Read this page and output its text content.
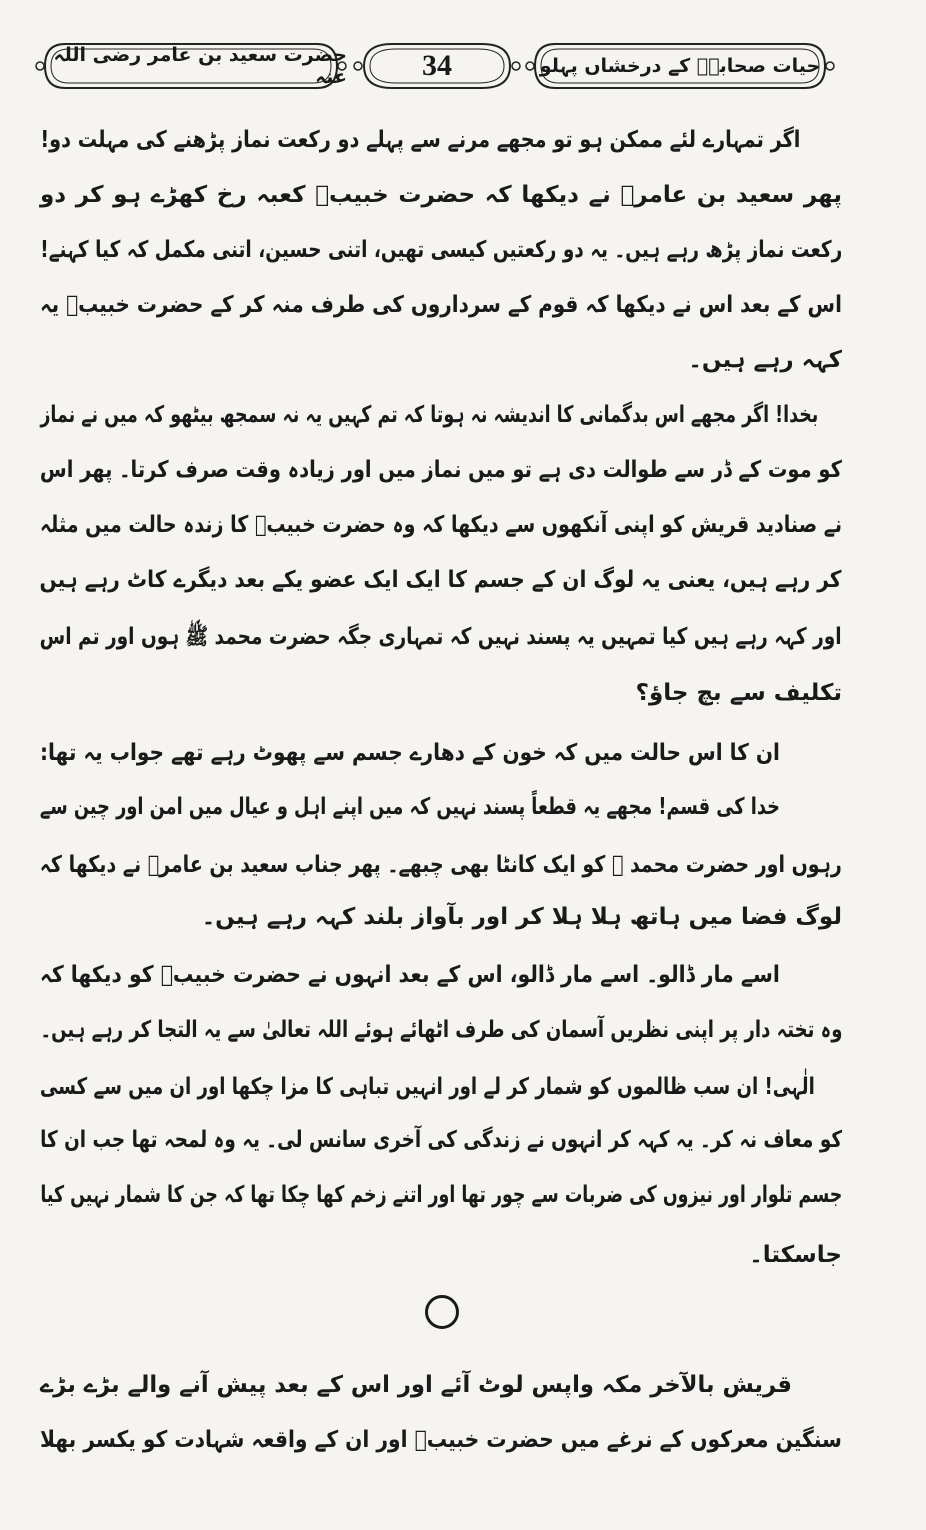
حیات صحابہؓ کے درخشاں پہلو
34
حضرت سعید بن عامر رضی اللہ عنہ
اگر تمہارے لئے ممکن ہو تو مجھے مرنے سے پہلے دو رکعت نماز پڑھنے کی مہلت دو!
پھر سعید بن عامرؓ نے دیکھا کہ حضرت خبیبؓ کعبہ رخ کھڑے ہو کر دو
رکعت نماز پڑھ رہے ہیں۔ یہ دو رکعتیں کیسی تھیں، اتنی حسین، اتنی مکمل کہ کیا کہنے!
اس کے بعد اس نے دیکھا کہ قوم کے سرداروں کی طرف منہ کر کے حضرت خبیبؓ یہ
کہہ رہے ہیں۔
بخدا! اگر مجھے اس بدگمانی کا اندیشہ نہ ہوتا کہ تم کہیں یہ نہ سمجھ بیٹھو کہ میں نے نماز
کو موت کے ڈر سے طوالت دی ہے تو میں نماز میں اور زیادہ وقت صرف کرتا۔ پھر اس
نے صنادید قریش کو اپنی آنکھوں سے دیکھا کہ وہ حضرت خبیبؓ کا زندہ حالت میں مثلہ
کر رہے ہیں، یعنی یہ لوگ ان کے جسم کا ایک ایک عضو یکے بعد دیگرے کاٹ رہے ہیں
اور کہہ رہے ہیں کیا تمہیں یہ پسند نہیں کہ تمہاری جگہ حضرت محمد ﷺ ہوں اور تم اس
تکلیف سے بچ جاؤ؟
ان کا اس حالت میں کہ خون کے دھارے جسم سے پھوٹ رہے تھے جواب یہ تھا:
خدا کی قسم! مجھے یہ قطعاً پسند نہیں کہ میں اپنے اہل و عیال میں امن اور چین سے
رہوں اور حضرت محمد ﷺ کو ایک کانٹا بھی چبھے۔ پھر جناب سعید بن عامرؓ نے دیکھا کہ
لوگ فضا میں ہاتھ ہلا ہلا کر اور بآواز بلند کہہ رہے ہیں۔
اسے مار ڈالو۔ اسے مار ڈالو، اس کے بعد انہوں نے حضرت خبیبؓ کو دیکھا کہ
وہ تختہ دار پر اپنی نظریں آسمان کی طرف اٹھائے ہوئے اللہ تعالیٰ سے یہ التجا کر رہے ہیں۔
الٰہی! ان سب ظالموں کو شمار کر لے اور انہیں تباہی کا مزا چکھا اور ان میں سے کسی
کو معاف نہ کر۔ یہ کہہ کر انہوں نے زندگی کی آخری سانس لی۔ یہ وہ لمحہ تھا جب ان کا
جسم تلوار اور نیزوں کی ضربات سے چور تھا اور اتنے زخم کھا چکا تھا کہ جن کا شمار نہیں کیا
جاسکتا۔
قریش بالآخر مکہ واپس لوٹ آئے اور اس کے بعد پیش آنے والے بڑے بڑے
سنگین معرکوں کے نرغے میں حضرت خبیبؓ اور ان کے واقعہ شہادت کو یکسر بھلا
